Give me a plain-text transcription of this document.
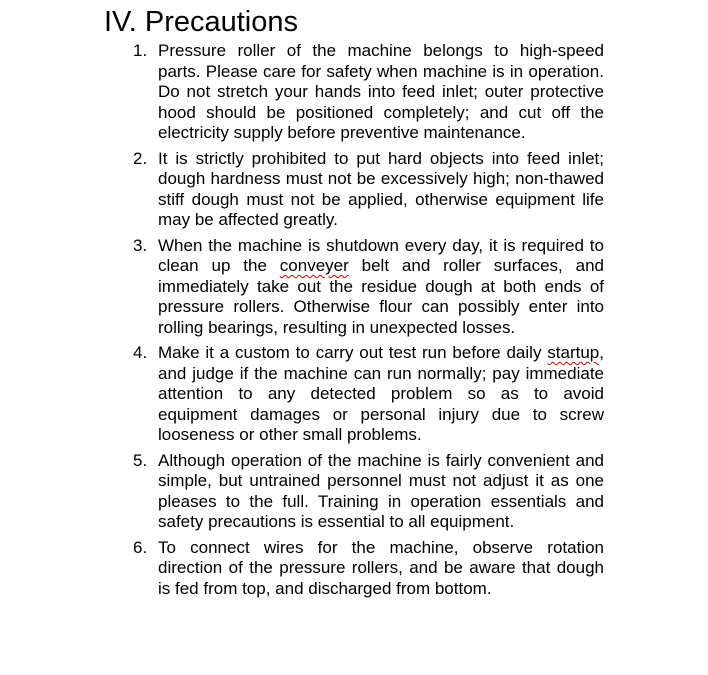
IV. Precautions
1. Pressure roller of the machine belongs to high-speed parts. Please care for safety when machine is in operation. Do not stretch your hands into feed inlet; outer protective hood should be positioned completely; and cut off the electricity supply before preventive maintenance.
2. It is strictly prohibited to put hard objects into feed inlet; dough hardness must not be excessively high; non-thawed stiff dough must not be applied, otherwise equipment life may be affected greatly.
3. When the machine is shutdown every day, it is required to clean up the conveyer belt and roller surfaces, and immediately take out the residue dough at both ends of pressure rollers. Otherwise flour can possibly enter into rolling bearings, resulting in unexpected losses.
4. Make it a custom to carry out test run before daily startup, and judge if the machine can run normally; pay immediate attention to any detected problem so as to avoid equipment damages or personal injury due to screw looseness or other small problems.
5. Although operation of the machine is fairly convenient and simple, but untrained personnel must not adjust it as one pleases to the full. Training in operation essentials and safety precautions is essential to all equipment.
6. To connect wires for the machine, observe rotation direction of the pressure rollers, and be aware that dough is fed from top, and discharged from bottom.
